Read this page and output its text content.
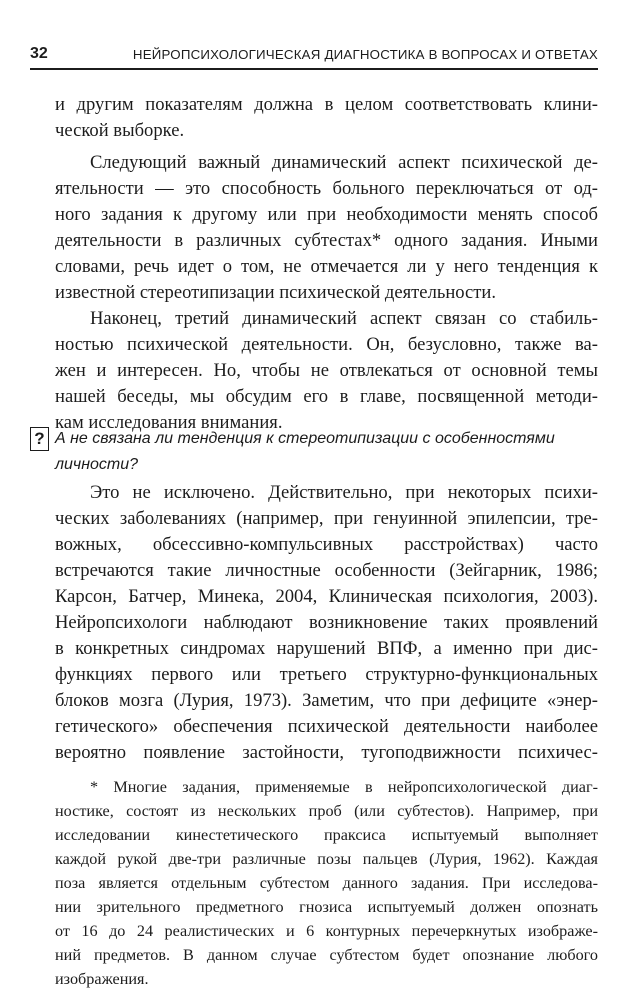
32	НЕЙРОПСИХОЛОГИЧЕСКАЯ ДИАГНОСТИКА В ВОПРОСАХ И ОТВЕТАХ
и другим показателям должна в целом соответствовать клини-
ческой выборке.
Следующий важный динамический аспект психической де-
ятельности — это способность больного переключаться от од-
ного задания к другому или при необходимости менять способ
деятельности в различных субтестах* одного задания. Иными
словами, речь идет о том, не отмечается ли у него тенденция к
известной стереотипизации психической деятельности.
Наконец, третий динамический аспект связан со стабиль-
ностью психической деятельности. Он, безусловно, также ва-
жен и интересен. Но, чтобы не отвлекаться от основной темы
нашей беседы, мы обсудим его в главе, посвященной методи-
кам исследования внимания.
? А не связана ли тенденция к стереотипизации с особенностями
личности?
Это не исключено. Действительно, при некоторых психи-
ческих заболеваниях (например, при генуинной эпилепсии, тре-
вожных, обсессивно-компульсивных расстройствах) часто
встречаются такие личностные особенности (Зейгарник, 1986;
Карсон, Батчер, Минека, 2004, Клиническая психология, 2003).
Нейропсихологи наблюдают возникновение таких проявлений
в конкретных синдромах нарушений ВПФ, а именно при дис-
функциях первого или третьего структурно-функциональных
блоков мозга (Лурия, 1973). Заметим, что при дефиците «энер-
гетического» обеспечения психической деятельности наиболее
вероятно появление застойности, тугоподвижности психичес-
* Многие задания, применяемые в нейропсихологической диаг-
ностике, состоят из нескольких проб (или субтестов). Например, при
исследовании кинестетического праксиса испытуемый выполняет
каждой рукой две-три различные позы пальцев (Лурия, 1962). Каждая
поза является отдельным субтестом данного задания. При исследова-
нии зрительного предметного гнозиса испытуемый должен опознать
от 16 до 24 реалистических и 6 контурных перечеркнутых изображе-
ний предметов. В данном случае субтестом будет опознание любого
изображения.
